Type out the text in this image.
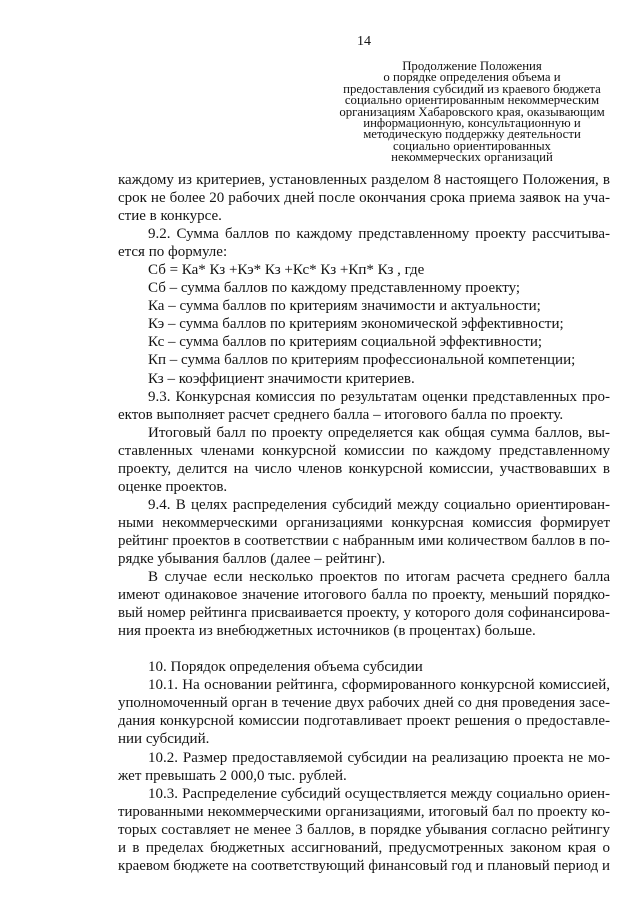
14
Продолжение Положения
о порядке определения объема и
предоставления субсидий из краевого бюджета
социально ориентированным некоммерческим
организациям Хабаровского края, оказывающим
информационную, консультационную и
методическую поддержку деятельности
социально ориентированных
некоммерческих организаций
каждому из критериев, установленных разделом 8 настоящего Положения, в
срок не более 20 рабочих дней после окончания срока приема заявок на уча-
стие в конкурсе.
9.2. Сумма баллов по каждому представленному проекту рассчитыва-
ется по формуле:
Сб = Ка* Кз +Кэ* Кз +Кс* Кз +Кп* Кз , где
Сб – сумма баллов по каждому представленному проекту;
Ка – сумма баллов по критериям значимости и актуальности;
Кэ – сумма баллов по критериям экономической эффективности;
Кс – сумма баллов по критериям социальной эффективности;
Кп – сумма баллов по критериям профессиональной компетенции;
Кз – коэффициент значимости критериев.
9.3. Конкурсная комиссия по результатам оценки представленных про-
ектов выполняет расчет среднего балла – итогового балла по проекту.
Итоговый балл по проекту определяется как общая сумма баллов, вы-
ставленных членами конкурсной комиссии по каждому представленному
проекту, делится на число членов конкурсной комиссии, участвовавших в
оценке проектов.
9.4. В целях распределения субсидий между социально ориентирован-
ными некоммерческими организациями конкурсная комиссия формирует
рейтинг проектов в соответствии с набранным ими количеством баллов в по-
рядке убывания баллов (далее – рейтинг).
В случае если несколько проектов по итогам расчета среднего балла
имеют одинаковое значение итогового балла по проекту, меньший порядко-
вый номер рейтинга присваивается проекту, у которого доля софинансирова-
ния проекта из внебюджетных источников (в процентах) больше.
10. Порядок определения объема субсидии
10.1. На основании рейтинга, сформированного конкурсной комиссией,
уполномоченный орган в течение двух рабочих дней со дня проведения засе-
дания конкурсной комиссии подготавливает проект решения о предоставле-
нии субсидий.
10.2. Размер предоставляемой субсидии на реализацию проекта не мо-
жет превышать 2 000,0 тыс. рублей.
10.3. Распределение субсидий осуществляется между социально ориен-
тированными некоммерческими организациями, итоговый бал по проекту ко-
торых составляет не менее 3 баллов, в порядке убывания согласно рейтингу
и в пределах бюджетных ассигнований, предусмотренных законом края о
краевом бюджете на соответствующий финансовый год и плановый период и
